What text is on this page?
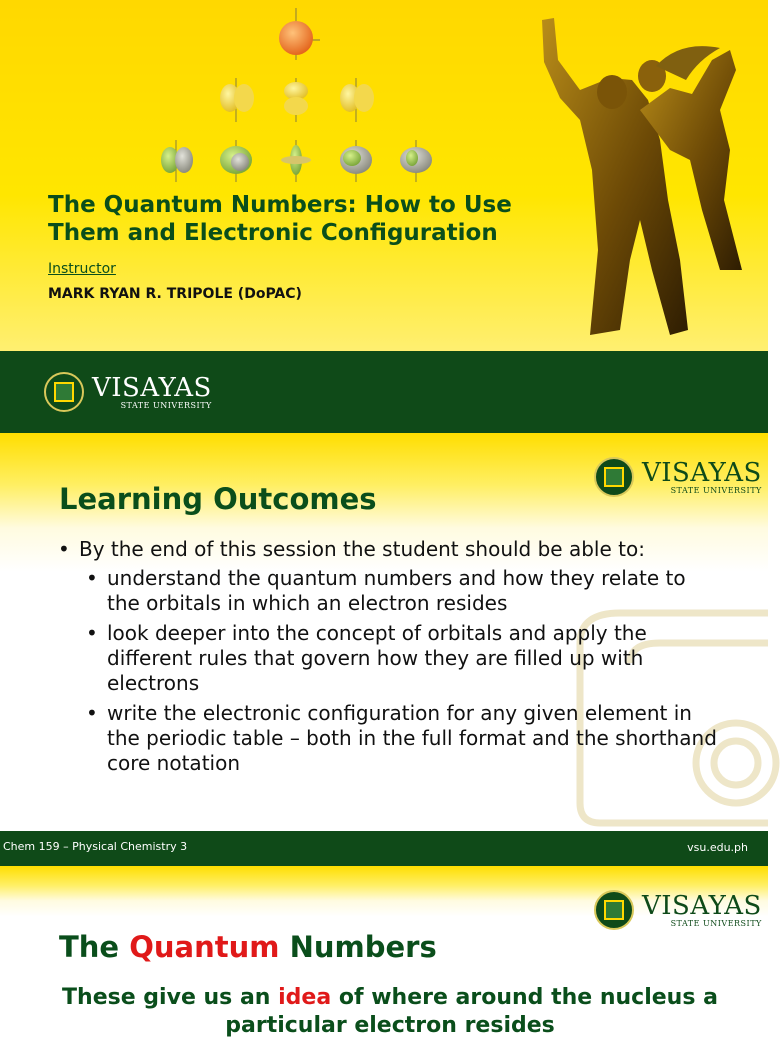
The Quantum Numbers: How to Use Them and Electronic Configuration
Instructor
MARK RYAN R. TRIPOLE (DoPAC)
VISAYAS
STATE UNIVERSITY
VISAYAS
STATE UNIVERSITY
Learning Outcomes
• By the end of this session the student should be able to:
• understand the quantum numbers and how they relate to the orbitals in which an electron resides
• look deeper into the concept of orbitals and apply the different rules that govern how they are filled up with electrons
• write the electronic configuration for any given element in the periodic table – both in the full format and the shorthand core notation
Chem 159 – Physical Chemistry 3	vsu.edu.ph
VISAYAS
STATE UNIVERSITY
The Quantum Numbers
These give us an idea of where around the nucleus a particular electron resides
